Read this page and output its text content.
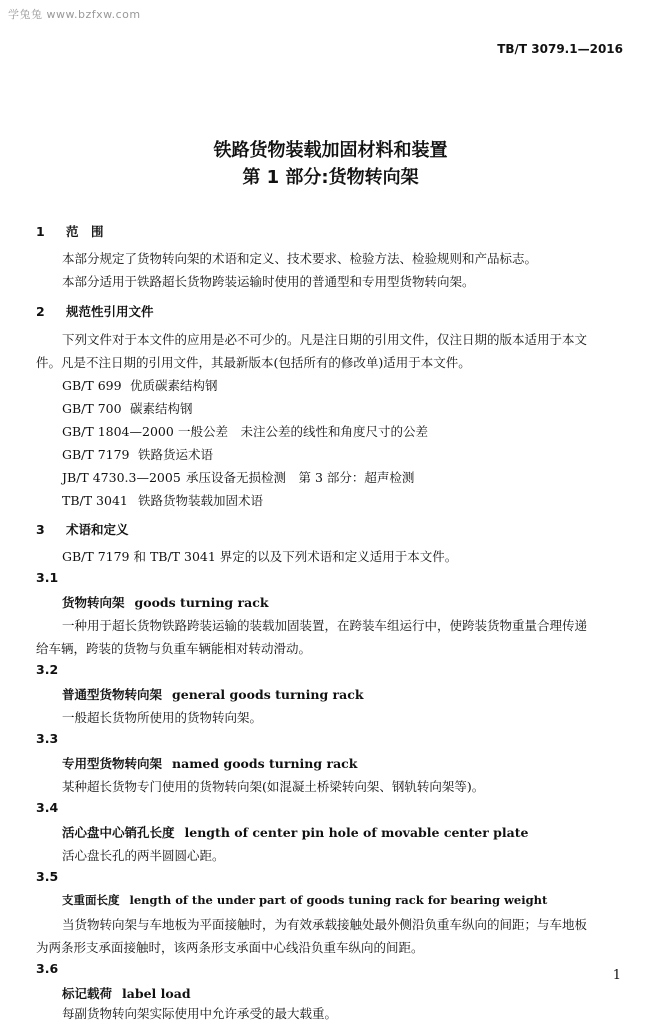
学兔兔 www.bzfxw.com
TB/T 3079.1—2016
铁路货物装载加固材料和装置
第 1 部分:货物转向架
1 范　围
本部分规定了货物转向架的术语和定义、技术要求、检验方法、检验规则和产品标志。
本部分适用于铁路超长货物跨装运输时使用的普通型和专用型货物转向架。
2 规范性引用文件
下列文件对于本文件的应用是必不可少的。凡是注日期的引用文件，仅注日期的版本适用于本文
件。凡是不注日期的引用文件，其最新版本(包括所有的修改单)适用于本文件。
GB/T 699 优质碳素结构钢
GB/T 700 碳素结构钢
GB/T 1804—2000 一般公差　未注公差的线性和角度尺寸的公差
GB/T 7179 铁路货运术语
JB/T 4730.3—2005 承压设备无损检测　第 3 部分：超声检测
TB/T 3041 铁路货物装载加固术语
3 术语和定义
GB/T 7179 和 TB/T 3041 界定的以及下列术语和定义适用于本文件。
3.1
货物转向架 goods turning rack
一种用于超长货物铁路跨装运输的装载加固装置，在跨装车组运行中，使跨装货物重量合理传递
给车辆，跨装的货物与负重车辆能相对转动滑动。
3.2
普通型货物转向架 general goods turning rack
一般超长货物所使用的货物转向架。
3.3
专用型货物转向架 named goods turning rack
某种超长货物专门使用的货物转向架(如混凝土桥梁转向架、钢轨转向架等)。
3.4
活心盘中心销孔长度 length of center pin hole of movable center plate
活心盘长孔的两半圆圆心距。
3.5
支重面长度 length of the under part of goods tuning rack for bearing weight
当货物转向架与车地板为平面接触时，为有效承载接触处最外侧沿负重车纵向的间距；与车地板
为两条形支承面接触时，该两条形支承面中心线沿负重车纵向的间距。
3.6
标记载荷 label load
每副货物转向架实际使用中允许承受的最大载重。
1
